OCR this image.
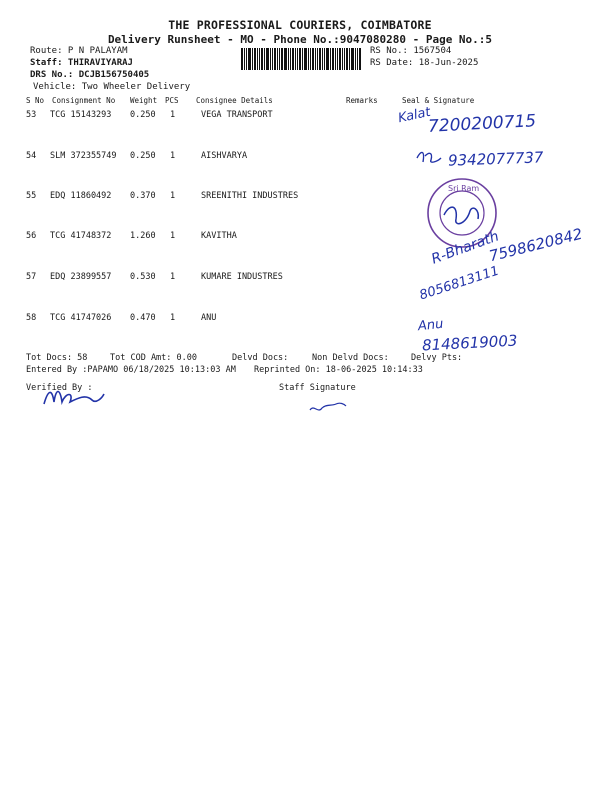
THE PROFESSIONAL COURIERS, COIMBATORE
Delivery Runsheet - MO - Phone No.:9047080280 - Page No.:5
Route: P N PALAYAM
Staff: THIRAVIYARAJ
DRS No.: DCJB156750405
Vehicle: Two Wheeler Delivery
RS No.: 1567504
RS Date: 18-Jun-2025
S No Consignment No Weight PCS Consignee Details	Remarks	Seal & Signature
53 TCG 15143293 0.250 1	VEGA TRANSPORT
54 SLM 372355749 0.250 1	AISHVARYA
55 EDQ 11860492 0.370 1	SREENITHI INDUSTRES
56 TCG 41748372 1.260 1	KAVITHA
57 EDQ 23899557 0.530 1	KUMARE INDUSTRES
58 TCG 41747026 0.470 1	ANU
Kalat
7200200715
9342077737
Sri Ram
R-Bharath
7598620842
8056813111
Anu
8148619003
Tot Docs: 58	Tot COD Amt: 0.00	Delvd Docs:	Non Delvd Docs:	Delvy Pts:
Entered By :PAPAMO 06/18/2025 10:13:03 AM Reprinted On: 18-06-2025 10:14:33
Verified By :	Staff Signature
